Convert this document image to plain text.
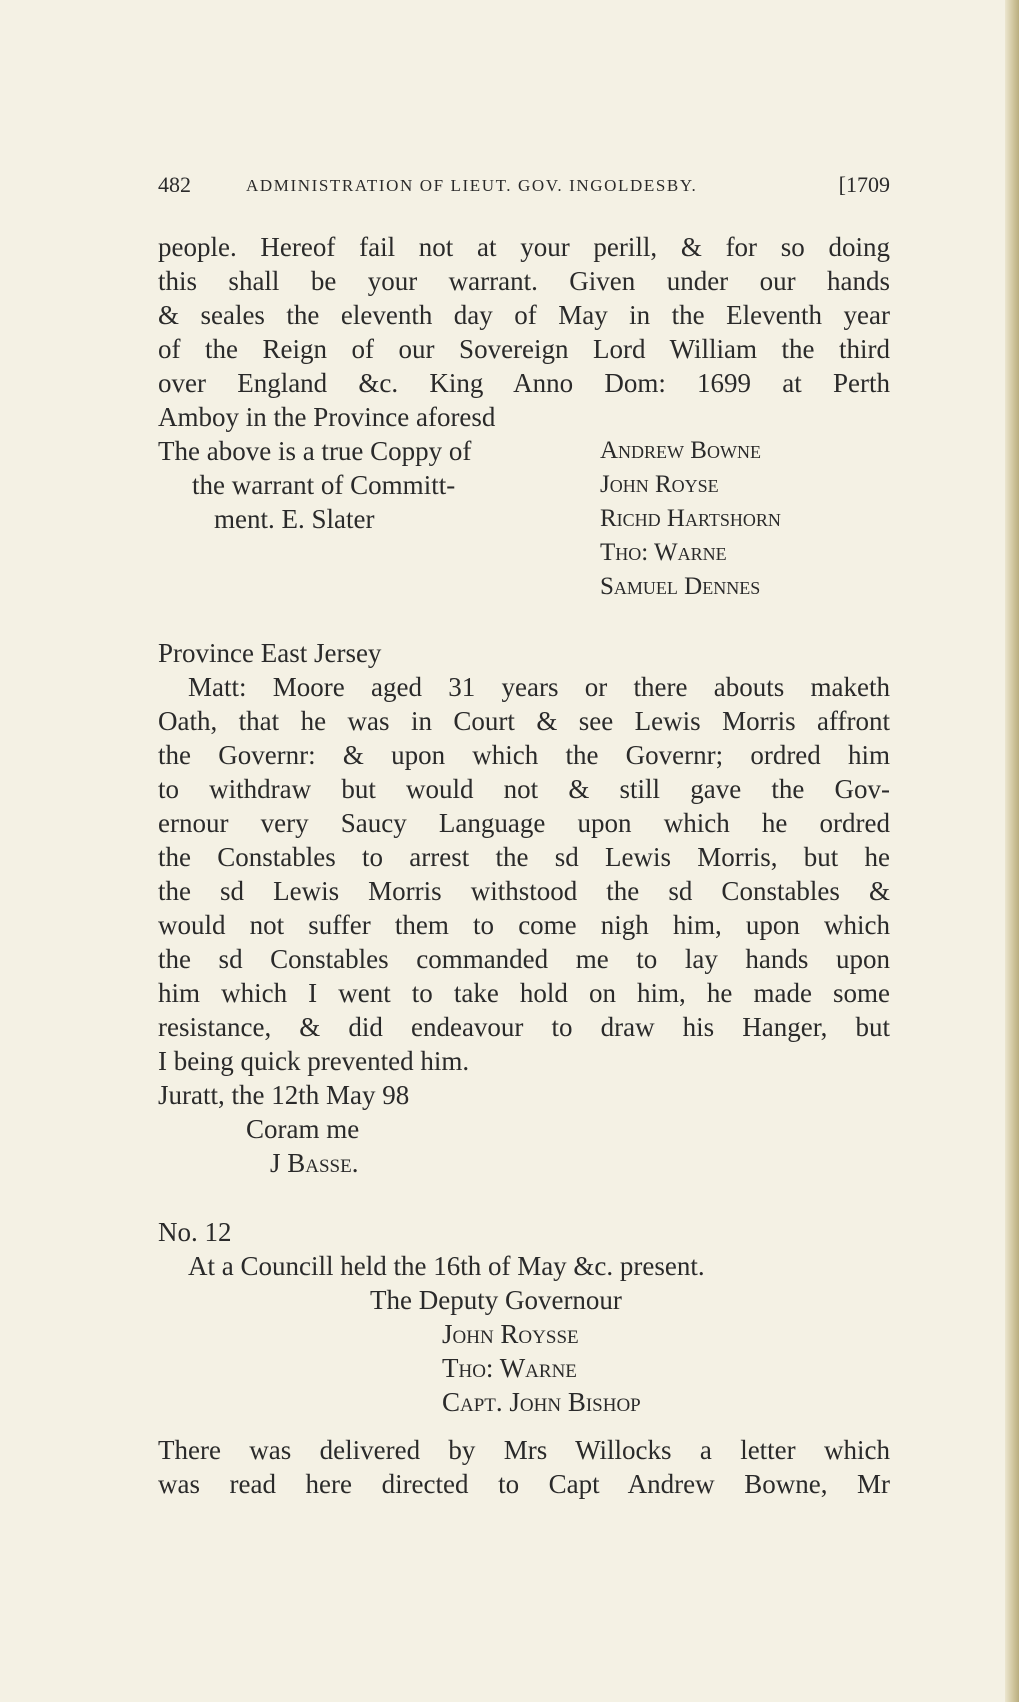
482	ADMINISTRATION OF LIEUT. GOV. INGOLDESBY.	[1709
people. Hereof fail not at your perill, & for so doing
this shall be your warrant. Given under our hands
& seales the eleventh day of May in the Eleventh year
of the Reign of our Sovereign Lord William the third
over England &c. King Anno Dom: 1699 at Perth
Amboy in the Province aforesd
The above is a true Coppy of
the warrant of Committ-
ment. E. Slater
Andrew Bowne
John Royse
Richd Hartshorn
Tho: Warne
Samuel Dennes
Province East Jersey
Matt: Moore aged 31 years or there abouts maketh
Oath, that he was in Court & see Lewis Morris affront
the Governr: & upon which the Governr; ordred him
to withdraw but would not & still gave the Gov-
ernour very Saucy Language upon which he ordred
the Constables to arrest the sd Lewis Morris, but he
the sd Lewis Morris withstood the sd Constables &
would not suffer them to come nigh him, upon which
the sd Constables commanded me to lay hands upon
him which I went to take hold on him, he made some
resistance, & did endeavour to draw his Hanger, but
I being quick prevented him.
Juratt, the 12th May 98
Coram me
J Basse.
No. 12
At a Councill held the 16th of May &c. present.
The Deputy Governour
John Roysse
Tho: Warne
Capt. John Bishop
There was delivered by Mrs Willocks a letter which
was read here directed to Capt Andrew Bowne, Mr
